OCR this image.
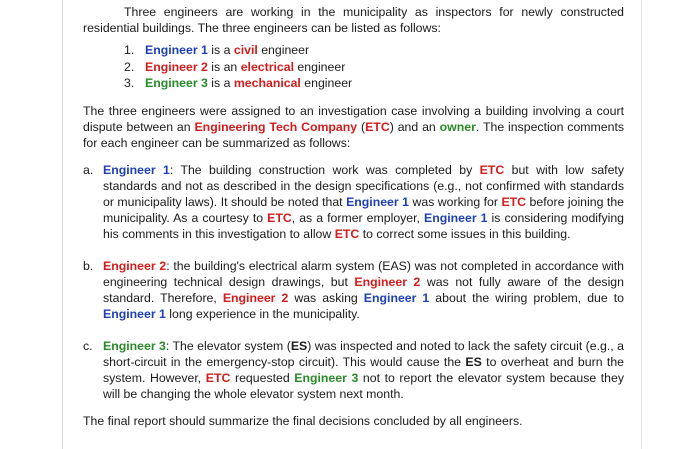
Three engineers are working in the municipality as inspectors for newly constructed residential buildings. The three engineers can be listed as follows:

1. Engineer 1 is a civil engineer
2. Engineer 2 is an electrical engineer
3. Engineer 3 is a mechanical engineer

The three engineers were assigned to an investigation case involving a building involving a court dispute between an Engineering Tech Company (ETC) and an owner. The inspection comments for each engineer can be summarized as follows:

a. Engineer 1: The building construction work was completed by ETC but with low safety standards and not as described in the design specifications (e.g., not confirmed with standards or municipality laws). It should be noted that Engineer 1 was working for ETC before joining the municipality. As a courtesy to ETC, as a former employer, Engineer 1 is considering modifying his comments in this investigation to allow ETC to correct some issues in this building.
b. Engineer 2: the building's electrical alarm system (EAS) was not completed in accordance with engineering technical design drawings, but Engineer 2 was not fully aware of the design standard. Therefore, Engineer 2 was asking Engineer 1 about the wiring problem, due to Engineer 1 long experience in the municipality.
c. Engineer 3: The elevator system (ES) was inspected and noted to lack the safety circuit (e.g., a short-circuit in the emergency-stop circuit). This would cause the ES to overheat and burn the system. However, ETC requested Engineer 3 not to report the elevator system because they will be changing the whole elevator system next month.

The final report should summarize the final decisions concluded by all engineers.
